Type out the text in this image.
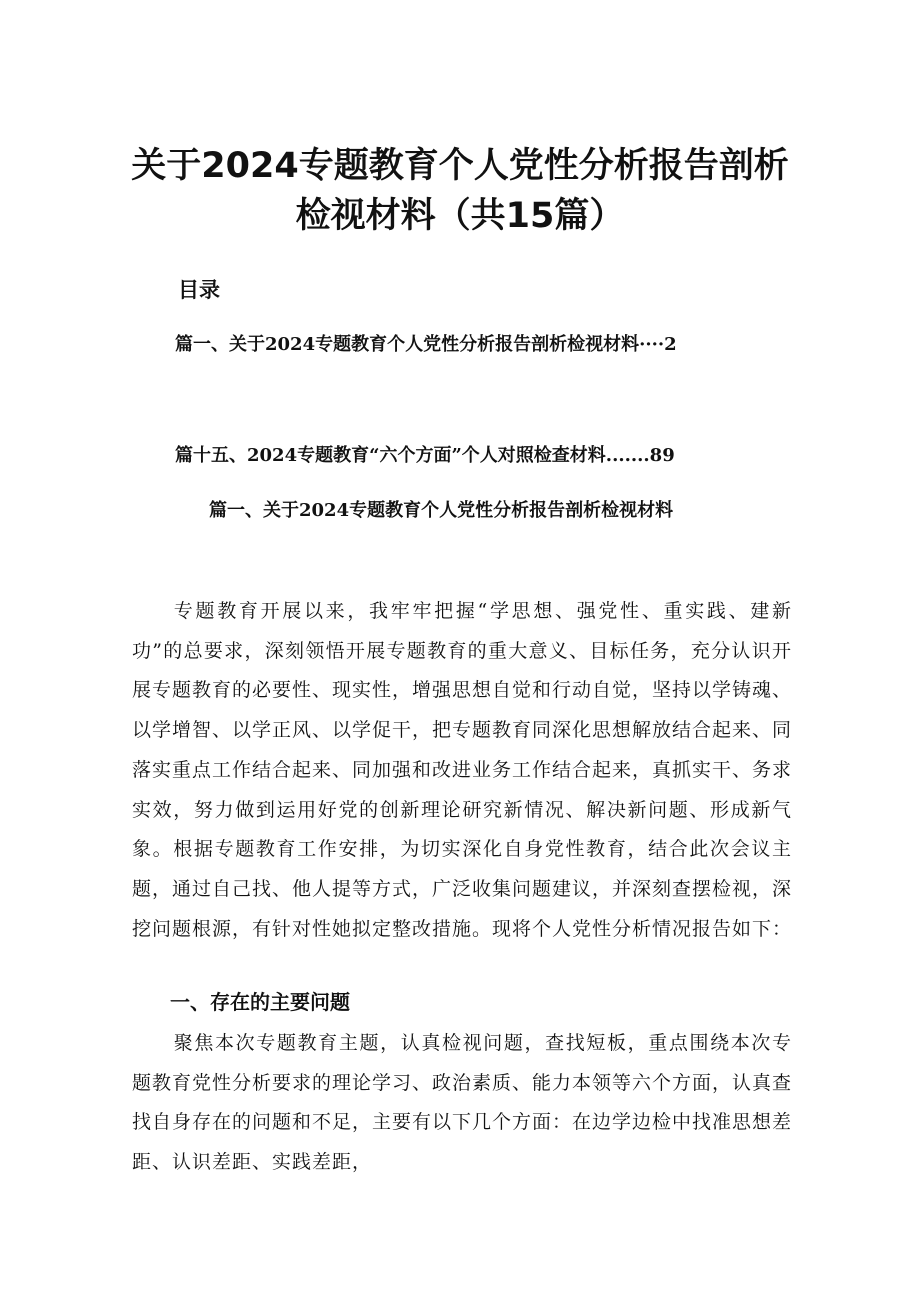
关于2024专题教育个人党性分析报告剖析
检视材料（共15篇）
目录
篇一、关于2024专题教育个人党性分析报告剖析检视材料····2
篇十五、2024专题教育“六个方面”个人对照检查材料.......89
篇一、关于2024专题教育个人党性分析报告剖析检视材料
专题教育开展以来，我牢牢把握“学思想、强党性、重实践、建新功”的总要求，深刻领悟开展专题教育的重大意义、目标任务，充分认识开展专题教育的必要性、现实性，增强思想自觉和行动自觉，坚持以学铸魂、以学增智、以学正风、以学促干，把专题教育同深化思想解放结合起来、同落实重点工作结合起来、同加强和改进业务工作结合起来，真抓实干、务求实效，努力做到运用好党的创新理论研究新情况、解决新问题、形成新气象。根据专题教育工作安排，为切实深化自身党性教育，结合此次会议主题，通过自己找、他人提等方式，广泛收集问题建议，并深刻查摆检视，深挖问题根源，有针对性她拟定整改措施。现将个人党性分析情况报告如下：
一、存在的主要问题
聚焦本次专题教育主题，认真检视问题，查找短板，重点围绕本次专题教育党性分析要求的理论学习、政治素质、能力本领等六个方面，认真查找自身存在的问题和不足，主要有以下几个方面：在边学边检中找准思想差距、认识差距、实践差距，
